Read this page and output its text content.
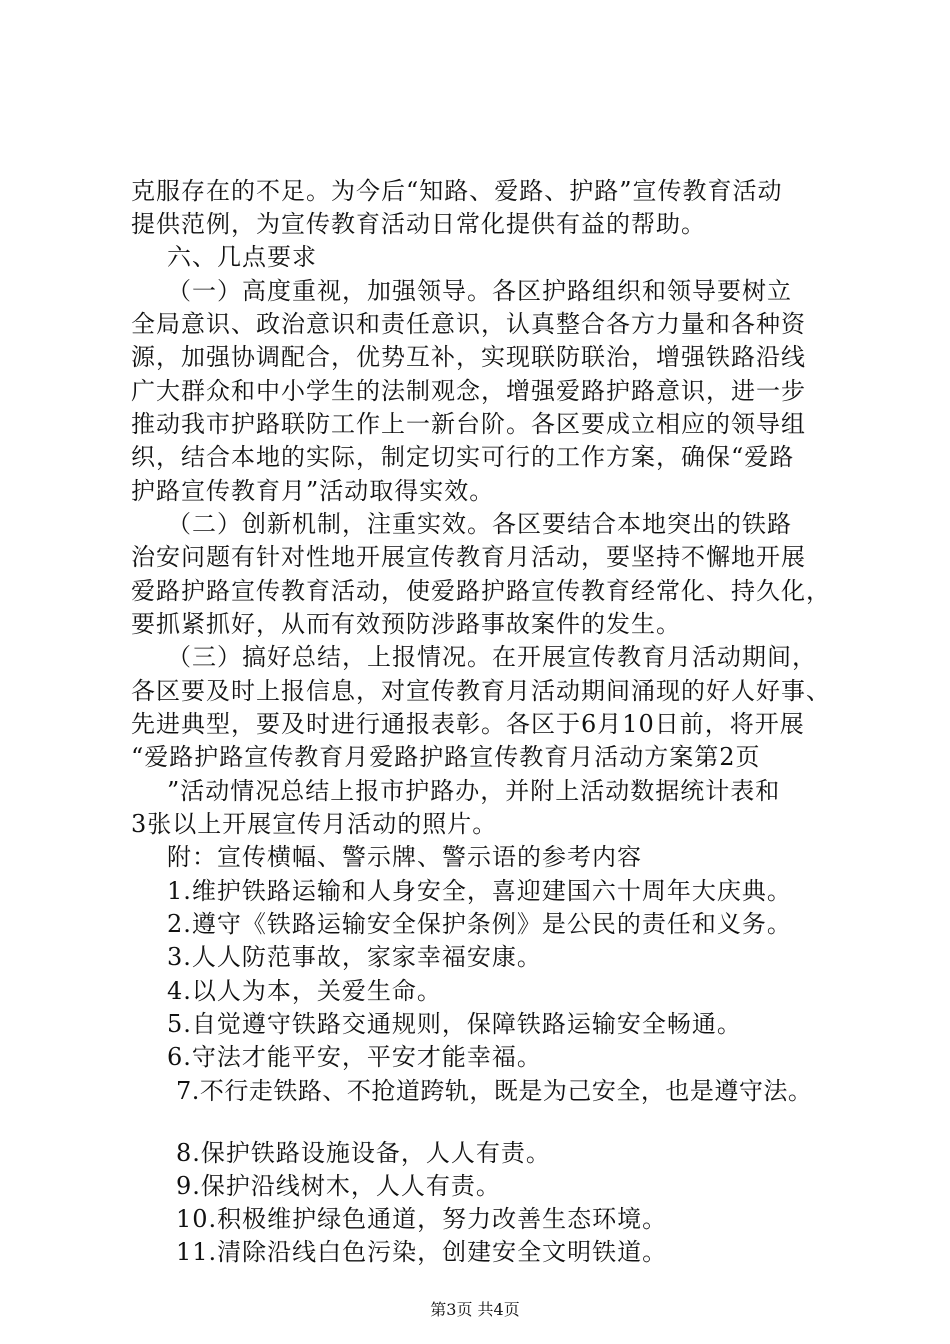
克服存在的不足。为今后“知路、爱路、护路”宣传教育活动
提供范例，为宣传教育活动日常化提供有益的帮助。
六、几点要求
（一）高度重视，加强领导。各区护路组织和领导要树立
全局意识、政治意识和责任意识，认真整合各方力量和各种资
源，加强协调配合，优势互补，实现联防联治，增强铁路沿线
广大群众和中小学生的法制观念，增强爱路护路意识，进一步
推动我市护路联防工作上一新台阶。各区要成立相应的领导组
织，结合本地的实际，制定切实可行的工作方案，确保“爱路
护路宣传教育月”活动取得实效。
（二）创新机制，注重实效。各区要结合本地突出的铁路
治安问题有针对性地开展宣传教育月活动，要坚持不懈地开展
爱路护路宣传教育活动，使爱路护路宣传教育经常化、持久化，
要抓紧抓好，从而有效预防涉路事故案件的发生。
（三）搞好总结，上报情况。在开展宣传教育月活动期间，
各区要及时上报信息，对宣传教育月活动期间涌现的好人好事、
先进典型，要及时进行通报表彰。各区于6月10日前，将开展
“爱路护路宣传教育月爱路护路宣传教育月活动方案第2页
”活动情况总结上报市护路办，并附上活动数据统计表和
3张以上开展宣传月活动的照片。
附：宣传横幅、警示牌、警示语的参考内容
1.维护铁路运输和人身安全，喜迎建国六十周年大庆典。
2.遵守《铁路运输安全保护条例》是公民的责任和义务。
3.人人防范事故，家家幸福安康。
4.以人为本，关爱生命。
5.自觉遵守铁路交通规则，保障铁路运输安全畅通。
6.守法才能平安，平安才能幸福。
7.不行走铁路、不抢道跨轨，既是为己安全，也是遵守法。
8.保护铁路设施设备，人人有责。
9.保护沿线树木，人人有责。
10.积极维护绿色通道，努力改善生态环境。
11.清除沿线白色污染，创建安全文明铁道。
第3页 共4页
